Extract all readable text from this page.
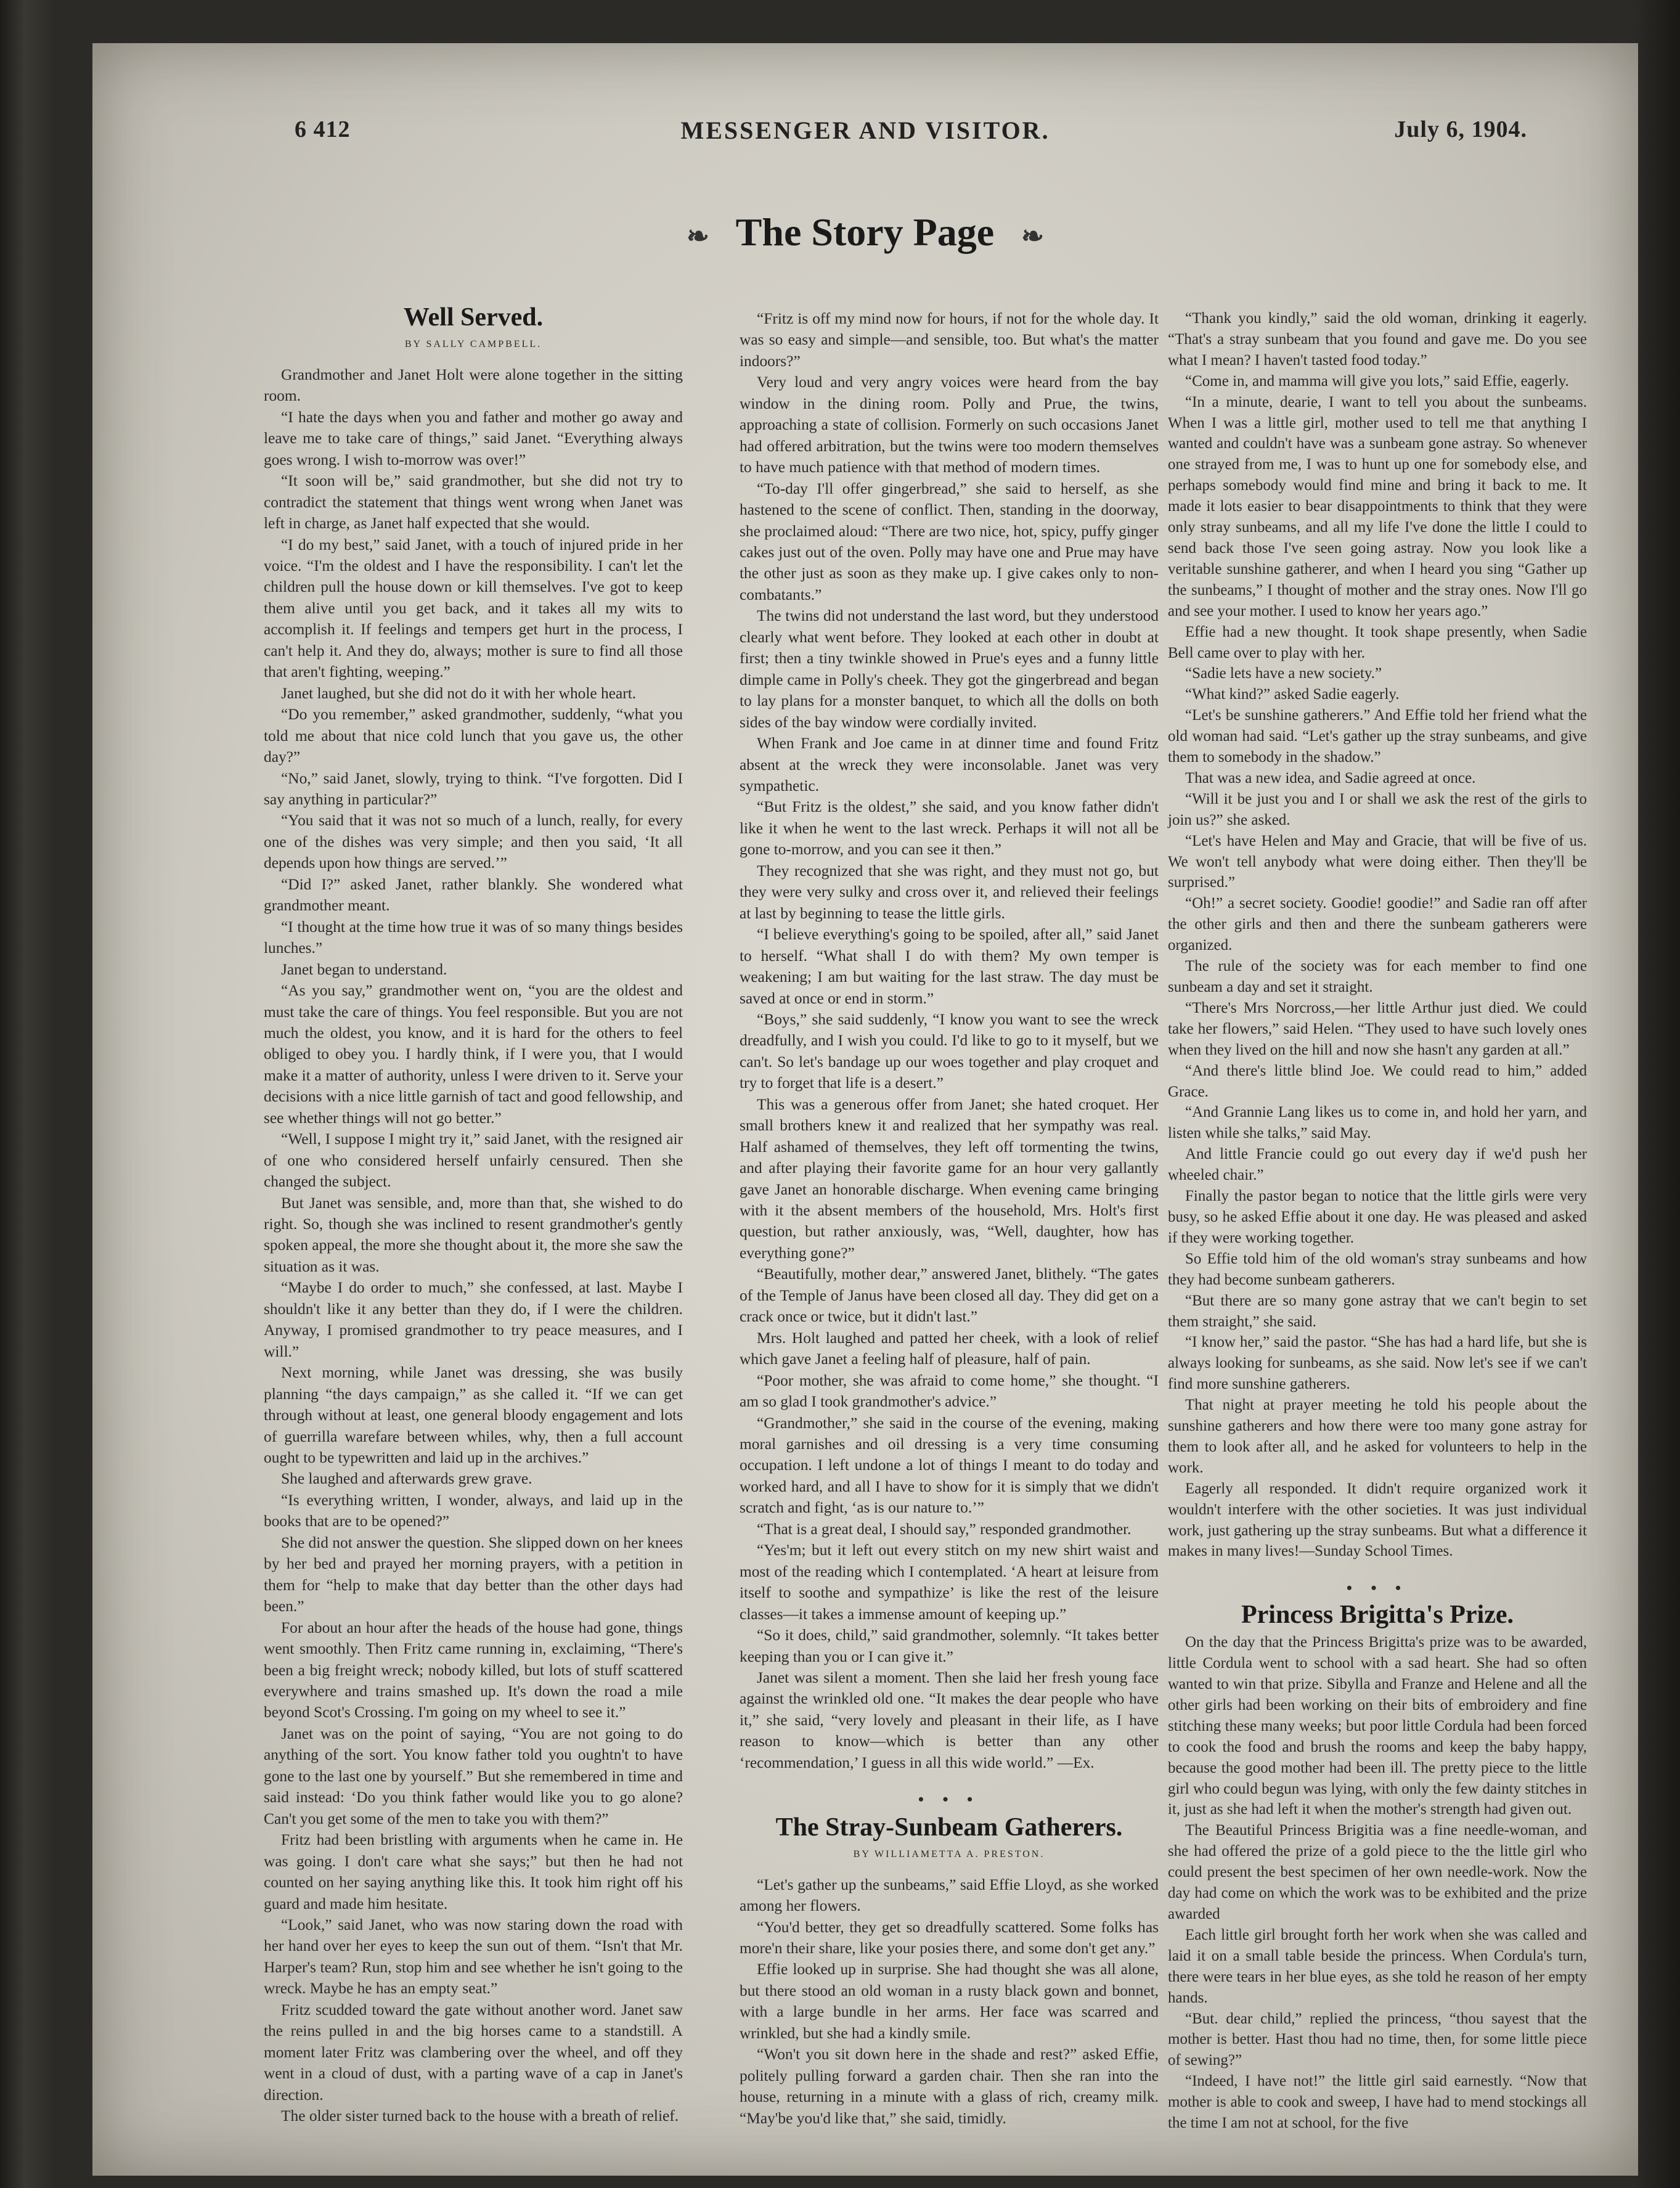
6 412	MESSENGER AND VISITOR.	July 6, 1904.
❧ The Story Page ❧
Well Served.
BY SALLY CAMPBELL.

Grandmother and Janet Holt were alone together in the sitting room.

“I hate the days when you and father and mother go away and leave me to take care of things,” said Janet. “Everything always goes wrong. I wish to-morrow was over!”

“It soon will be,” said grandmother, but she did not try to contradict the statement that things went wrong when Janet was left in charge, as Janet half expected that she would.

“I do my best,” said Janet, with a touch of injured pride in her voice. “I'm the oldest and I have the responsibility. I can't let the children pull the house down or kill themselves. I've got to keep them alive until you get back, and it takes all my wits to accomplish it. If feelings and tempers get hurt in the process, I can't help it. And they do, always; mother is sure to find all those that aren't fighting, weeping.”

Janet laughed, but she did not do it with her whole heart.

“Do you remember,” asked grandmother, suddenly, “what you told me about that nice cold lunch that you gave us, the other day?”

“No,” said Janet, slowly, trying to think. “I've forgotten. Did I say anything in particular?”

“You said that it was not so much of a lunch, really, for every one of the dishes was very simple; and then you said, ‘It all depends upon how things are served.’”

“Did I?” asked Janet, rather blankly. She wondered what grandmother meant.

“I thought at the time how true it was of so many things besides lunches.”

Janet began to understand.

“As you say,” grandmother went on, “you are the oldest and must take the care of things. You feel responsible. But you are not much the oldest, you know, and it is hard for the others to feel obliged to obey you. I hardly think, if I were you, that I would make it a matter of authority, unless I were driven to it. Serve your decisions with a nice little garnish of tact and good fellowship, and see whether things will not go better.”

“Well, I suppose I might try it,” said Janet, with the resigned air of one who considered herself unfairly censured. Then she changed the subject.

But Janet was sensible, and, more than that, she wished to do right. So, though she was inclined to resent grandmother's gently spoken appeal, the more she thought about it, the more she saw the situation as it was.

“Maybe I do order to much,” she confessed, at last. Maybe I shouldn't like it any better than they do, if I were the children. Anyway, I promised grandmother to try peace measures, and I will.”

Next morning, while Janet was dressing, she was busily planning “the days campaign,” as she called it. “If we can get through without at least, one general bloody engagement and lots of guerrilla warefare between whiles, why, then a full account ought to be typewritten and laid up in the archives.”

She laughed and afterwards grew grave.

“Is everything written, I wonder, always, and laid up in the books that are to be opened?”

She did not answer the question. She slipped down on her knees by her bed and prayed her morning prayers, with a petition in them for “help to make that day better than the other days had been.”

For about an hour after the heads of the house had gone, things went smoothly. Then Fritz came running in, exclaiming, “There's been a big freight wreck; nobody killed, but lots of stuff scattered everywhere and trains smashed up. It's down the road a mile beyond Scot's Crossing. I'm going on my wheel to see it.”

Janet was on the point of saying, “You are not going to do anything of the sort. You know father told you oughtn't to have gone to the last one by yourself.” But she remembered in time and said instead: ‘Do you think father would like you to go alone? Can't you get some of the men to take you with them?”

Fritz had been bristling with arguments when he came in. He was going. I don't care what she says;” but then he had not counted on her saying anything like this. It took him right off his guard and made him hesitate.

“Look,” said Janet, who was now staring down the road with her hand over her eyes to keep the sun out of them. “Isn't that Mr. Harper's team? Run, stop him and see whether he isn't going to the wreck. Maybe he has an empty seat.”

Fritz scudded toward the gate without another word. Janet saw the reins pulled in and the big horses came to a standstill. A moment later Fritz was clambering over the wheel, and off they went in a cloud of dust, with a parting wave of a cap in Janet's direction.

The older sister turned back to the house with a breath of relief.

“Fritz is off my mind now for hours, if not for the whole day. It was so easy and simple—and sensible, too. But what's the matter indoors?”

Very loud and very angry voices were heard from the bay window in the dining room. Polly and Prue, the twins, approaching a state of collision. Formerly on such occasions Janet had offered arbitration, but the twins were too modern themselves to have much patience with that method of modern times.

“To-day I'll offer gingerbread,” she said to herself, as she hastened to the scene of conflict. Then, standing in the doorway, she proclaimed aloud: “There are two nice, hot, spicy, puffy ginger cakes just out of the oven. Polly may have one and Prue may have the other just as soon as they make up. I give cakes only to non-combatants.”

The twins did not understand the last word, but they understood clearly what went before. They looked at each other in doubt at first; then a tiny twinkle showed in Prue's eyes and a funny little dimple came in Polly's cheek. They got the gingerbread and began to lay plans for a monster banquet, to which all the dolls on both sides of the bay window were cordially invited.

When Frank and Joe came in at dinner time and found Fritz absent at the wreck they were inconsolable. Janet was very sympathetic.

“But Fritz is the oldest,” she said, and you know father didn't like it when he went to the last wreck. Perhaps it will not all be gone to-morrow, and you can see it then.”

They recognized that she was right, and they must not go, but they were very sulky and cross over it, and relieved their feelings at last by beginning to tease the little girls.

“I believe everything's going to be spoiled, after all,” said Janet to herself. “What shall I do with them? My own temper is weakening; I am but waiting for the last straw. The day must be saved at once or end in storm.”

“Boys,” she said suddenly, “I know you want to see the wreck dreadfully, and I wish you could. I'd like to go to it myself, but we can't. So let's bandage up our woes together and play croquet and try to forget that life is a desert.”

This was a generous offer from Janet; she hated croquet. Her small brothers knew it and realized that her sympathy was real. Half ashamed of themselves, they left off tormenting the twins, and after playing their favorite game for an hour very gallantly gave Janet an honorable discharge. When evening came bringing with it the absent members of the household, Mrs. Holt's first question, but rather anxiously, was, “Well, daughter, how has everything gone?”

“Beautifully, mother dear,” answered Janet, blithely. “The gates of the Temple of Janus have been closed all day. They did get on a crack once or twice, but it didn't last.”

Mrs. Holt laughed and patted her cheek, with a look of relief which gave Janet a feeling half of pleasure, half of pain.

“Poor mother, she was afraid to come home,” she thought. “I am so glad I took grandmother's advice.”

“Grandmother,” she said in the course of the evening, making moral garnishes and oil dressing is a very time consuming occupation. I left undone a lot of things I meant to do today and worked hard, and all I have to show for it is simply that we didn't scratch and fight, ‘as is our nature to.’”

“That is a great deal, I should say,” responded grandmother.

“Yes'm; but it left out every stitch on my new shirt waist and most of the reading which I contemplated. ‘A heart at leisure from itself to soothe and sympathize’ is like the rest of the leisure classes—it takes a immense amount of keeping up.”

“So it does, child,” said grandmother, solemnly. “It takes better keeping than you or I can give it.”

Janet was silent a moment. Then she laid her fresh young face against the wrinkled old one. “It makes the dear people who have it,” she said, “very lovely and pleasant in their life, as I have reason to know—which is better than any other ‘recommendation,’ I guess in all this wide world.” —Ex.

• • •
The Stray-Sunbeam Gatherers.
BY WILLIAMETTA A. PRESTON.

“Let's gather up the sunbeams,” said Effie Lloyd, as she worked among her flowers.

“You'd better, they get so dreadfully scattered. Some folks has more'n their share, like your posies there, and some don't get any.”

Effie looked up in surprise. She had thought she was all alone, but there stood an old woman in a rusty black gown and bonnet, with a large bundle in her arms. Her face was scarred and wrinkled, but she had a kindly smile.

“Won't you sit down here in the shade and rest?” asked Effie, politely pulling forward a garden chair. Then she ran into the house, returning in a minute with a glass of rich, creamy milk. “May'be you'd like that,” she said, timidly.

“Thank you kindly,” said the old woman, drinking it eagerly. “That's a stray sunbeam that you found and gave me. Do you see what I mean? I haven't tasted food today.”

“Come in, and mamma will give you lots,” said Effie, eagerly.

“In a minute, dearie, I want to tell you about the sunbeams. When I was a little girl, mother used to tell me that anything I wanted and couldn't have was a sunbeam gone astray. So whenever one strayed from me, I was to hunt up one for somebody else, and perhaps somebody would find mine and bring it back to me. It made it lots easier to bear disappointments to think that they were only stray sunbeams, and all my life I've done the little I could to send back those I've seen going astray. Now you look like a veritable sunshine gatherer, and when I heard you sing “Gather up the sunbeams,” I thought of mother and the stray ones. Now I'll go and see your mother. I used to know her years ago.”

Effie had a new thought. It took shape presently, when Sadie Bell came over to play with her.

“Sadie lets have a new society.”

“What kind?” asked Sadie eagerly.

“Let's be sunshine gatherers.” And Effie told her friend what the old woman had said. “Let's gather up the stray sunbeams, and give them to somebody in the shadow.”

That was a new idea, and Sadie agreed at once.

“Will it be just you and I or shall we ask the rest of the girls to join us?” she asked.

“Let's have Helen and May and Gracie, that will be five of us. We won't tell anybody what were doing either. Then they'll be surprised.”

“Oh!” a secret society. Goodie! goodie!” and Sadie ran off after the other girls and then and there the sunbeam gatherers were organized.

The rule of the society was for each member to find one sunbeam a day and set it straight.

“There's Mrs Norcross,—her little Arthur just died. We could take her flowers,” said Helen. “They used to have such lovely ones when they lived on the hill and now she hasn't any garden at all.”

“And there's little blind Joe. We could read to him,” added Grace.

“And Grannie Lang likes us to come in, and hold her yarn, and listen while she talks,” said May.

And little Francie could go out every day if we'd push her wheeled chair.”

Finally the pastor began to notice that the little girls were very busy, so he asked Effie about it one day. He was pleased and asked if they were working together.

So Effie told him of the old woman's stray sunbeams and how they had become sunbeam gatherers.

“But there are so many gone astray that we can't begin to set them straight,” she said.

“I know her,” said the pastor. “She has had a hard life, but she is always looking for sunbeams, as she said. Now let's see if we can't find more sunshine gatherers.

That night at prayer meeting he told his people about the sunshine gatherers and how there were too many gone astray for them to look after all, and he asked for volunteers to help in the work.

Eagerly all responded. It didn't require organized work it wouldn't interfere with the other societies. It was just individual work, just gathering up the stray sunbeams. But what a difference it makes in many lives!—Sunday School Times.

• • •
Princess Brigitta's Prize.

On the day that the Princess Brigitta's prize was to be awarded, little Cordula went to school with a sad heart. She had so often wanted to win that prize. Sibylla and Franze and Helene and all the other girls had been working on their bits of embroidery and fine stitching these many weeks; but poor little Cordula had been forced to cook the food and brush the rooms and keep the baby happy, because the good mother had been ill. The pretty piece to the little girl who could begun was lying, with only the few dainty stitches in it, just as she had left it when the mother's strength had given out.

The Beautiful Princess Brigitia was a fine needle-woman, and she had offered the prize of a gold piece to the the little girl who could present the best specimen of her own needle-work. Now the day had come on which the work was to be exhibited and the prize awarded

Each little girl brought forth her work when she was called and laid it on a small table beside the princess. When Cordula's turn, there were tears in her blue eyes, as she told he reason of her empty hands.

“But. dear child,” replied the princess, “thou sayest that the mother is better. Hast thou had no time, then, for some little piece of sewing?”

“Indeed, I have not!” the little girl said earnestly. “Now that mother is able to cook and sweep, I have had to mend stockings all the time I am not at school, for the five
